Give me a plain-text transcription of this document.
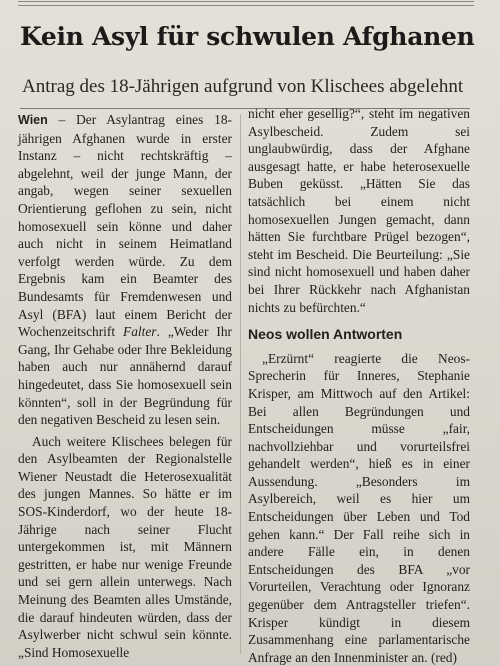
Kein Asyl für schwulen Afghanen
Antrag des 18-Jährigen aufgrund von Klischees abgelehnt

Wien – Der Asylantrag eines 18-jährigen Afghanen wurde in erster Instanz – nicht rechtskräftig – abgelehnt, weil der junge Mann, der angab, wegen seiner sexuellen Orientierung geflohen zu sein, nicht homosexuell sein könne und daher auch nicht in seinem Heimatland verfolgt werden würde. Zu dem Ergebnis kam ein Beamter des Bundesamts für Fremdenwesen und Asyl (BFA) laut einem Bericht der Wochenzeitschrift Falter. „Weder Ihr Gang, Ihr Gehabe oder Ihre Bekleidung haben auch nur annähernd darauf hingedeutet, dass Sie homosexuell sein könnten“, soll in der Begründung für den negativen Bescheid zu lesen sein.

Auch weitere Klischees belegen für den Asylbeamten der Regionalstelle Wiener Neustadt die Heterosexualität des jungen Mannes. So hätte er im SOS-Kinderdorf, wo der heute 18-Jährige nach seiner Flucht untergekommen ist, mit Männern gestritten, er habe nur wenige Freunde und sei gern allein unterwegs. Nach Meinung des Beamten alles Umstände, die darauf hindeuten würden, dass der Asylwerber nicht schwul sein könnte. „Sind Homosexuelle

nicht eher gesellig?“, steht im negativen Asylbescheid. Zudem sei unglaubwürdig, dass der Afghane ausgesagt hatte, er habe heterosexuelle Buben geküsst. „Hätten Sie das tatsächlich bei einem nicht homosexuellen Jungen gemacht, dann hätten Sie furchtbare Prügel bezogen“, steht im Bescheid. Die Beurteilung: „Sie sind nicht homosexuell und haben daher bei Ihrer Rückkehr nach Afghanistan nichts zu befürchten.“

Neos wollen Antworten

„Erzürnt“ reagierte die Neos-Sprecherin für Inneres, Stephanie Krisper, am Mittwoch auf den Artikel: Bei allen Begründungen und Entscheidungen müsse „fair, nachvollziehbar und vorurteilsfrei gehandelt werden“, hieß es in einer Aussendung. „Besonders im Asylbereich, weil es hier um Entscheidungen über Leben und Tod gehen kann.“ Der Fall reihe sich in andere Fälle ein, in denen Entscheidungen des BFA „vor Vorurteilen, Verachtung oder Ignoranz gegenüber dem Antragsteller triefen“. Krisper kündigt in diesem Zusammenhang eine parlamentarische Anfrage an den Innenminister an. (red)
